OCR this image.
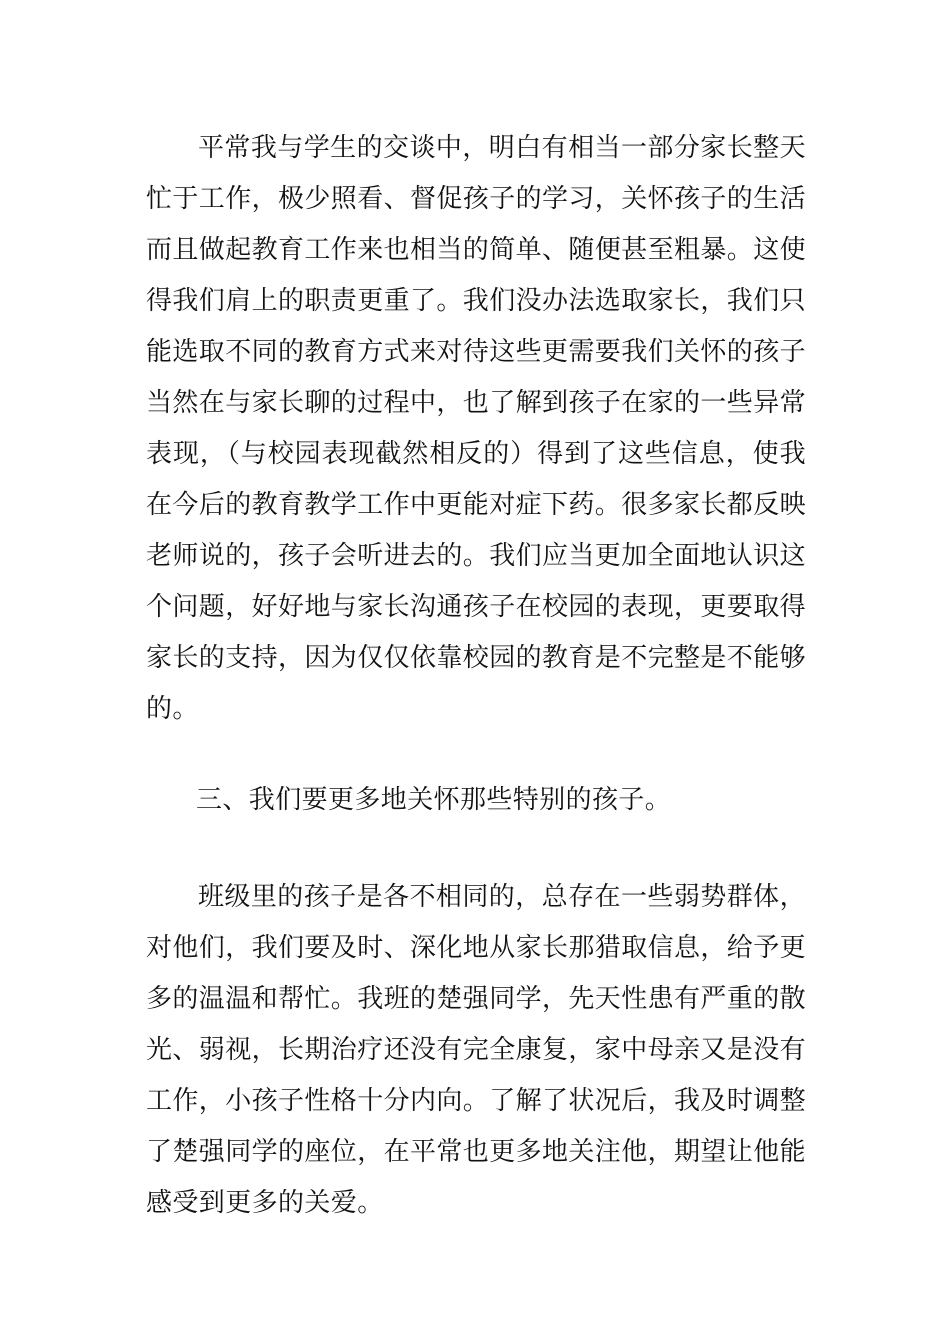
平常我与学生的交谈中，明白有相当一部分家长整天

忙于工作，极少照看、督促孩子的学习，关怀孩子的生活

而且做起教育工作来也相当的简单、随便甚至粗暴。这使

得我们肩上的职责更重了。我们没办法选取家长，我们只

能选取不同的教育方式来对待这些更需要我们关怀的孩子

当然在与家长聊的过程中，也了解到孩子在家的一些异常

表现，（与校园表现截然相反的）得到了这些信息，使我

在今后的教育教学工作中更能对症下药。很多家长都反映

老师说的，孩子会听进去的。我们应当更加全面地认识这

个问题，好好地与家长沟通孩子在校园的表现，更要取得

家长的支持，因为仅仅依靠校园的教育是不完整是不能够

的。

三、我们要更多地关怀那些特别的孩子。

班级里的孩子是各不相同的，总存在一些弱势群体，

对他们，我们要及时、深化地从家长那猎取信息，给予更

多的温温和帮忙。我班的楚强同学，先天性患有严重的散

光、弱视，长期治疗还没有完全康复，家中母亲又是没有

工作，小孩子性格十分内向。了解了状况后，我及时调整

了楚强同学的座位，在平常也更多地关注他，期望让他能

感受到更多的关爱。
